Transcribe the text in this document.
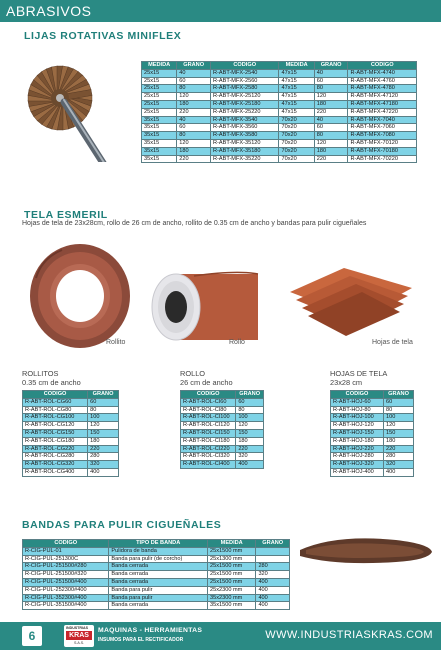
ABRASIVOS
LIJAS ROTATIVAS MINIFLEX
MEDIDA	GRANO	CODIGO	MEDIDA	GRANO	CODIGO
25x15	40	R-ABT-MFX-2540	47x15	40	R-ABT-MFX-4740
25x15	60	R-ABT-MFX-2560	47x15	60	R-ABT-MFX-4760
25x15	80	R-ABT-MFX-2580	47x15	80	R-ABT-MFX-4780
25x15	120	R-ABT-MFX-25120	47x15	120	R-ABT-MFX-47120
25x15	180	R-ABT-MFX-25180	47x15	180	R-ABT-MFX-47180
25x15	220	R-ABT-MFX-25220	47x15	220	R-ABT-MFX-47220
35x15	40	R-ABT-MFX-3540	70x20	40	R-ABT-MFX-7040
35x15	60	R-ABT-MFX-3560	70x20	60	R-ABT-MFX-7060
35x15	80	R-ABT-MFX-3580	70x20	80	R-ABT-MFX-7080
35x15	120	R-ABT-MFX-35120	70x20	120	R-ABT-MFX-70120
35x15	180	R-ABT-MFX-35180	70x20	180	R-ABT-MFX-70180
35x15	220	R-ABT-MFX-35220	70x20	220	R-ABT-MFX-70220
TELA ESMERIL
Hojas de tela de 23x28cm, rollo de 26 cm de ancho, rollito de 0.35 cm de ancho y bandas para pulir cigueñales
Rollito	Rollo	Hojas de tela
ROLLITOS
0.35 cm de ancho
CODIGO	GRANO
R-ABT-ROL-CG60	60
R-ABT-ROL-CG80	80
R-ABT-ROL-CG100	100
R-ABT-ROL-CG120	120
R-ABT-ROL-CG150	150
R-ABT-ROL-CG180	180
R-ABT-ROL-CG220	220
R-ABT-ROL-CG280	280
R-ABT-ROL-CG320	320
R-ABT-ROL-CG400	400
ROLLO
26 cm de ancho
CODIGO	GRANO
R-ABT-ROL-CI60	60
R-ABT-ROL-CI80	80
R-ABT-ROL-CI100	100
R-ABT-ROL-CI120	120
R-ABT-ROL-CI150	150
R-ABT-ROL-CI180	180
R-ABT-ROL-CI220	220
R-ABT-ROL-CI320	320
R-ABT-ROL-CI400	400
HOJAS DE TELA
23x28 cm
CODIGO	GRANO
R-ABT-HOJ-60	60
R-ABT-HOJ-80	80
R-ABT-HOJ-100	100
R-ABT-HOJ-120	120
R-ABT-HOJ-150	150
R-ABT-HOJ-180	180
R-ABT-HOJ-220	220
R-ABT-HOJ-280	280
R-ABT-HOJ-320	320
R-ABT-HOJ-400	400
BANDAS PARA PULIR CIGUEÑALES
CODIGO	TIPO DE BANDA	MEDIDA	GRANO
R-CIG-PUL-01	Pulidora de banda	25x1500 mm	
R-CIG-PUL-251300C	Banda para pulir (de corcho)	25x1300 mm	
R-CIG-PUL-251500#280	Banda cerrada	25x1500 mm	280
R-CIG-PUL-251500#320	Banda cerrada	25x1500 mm	320
R-CIG-PUL-251500#400	Banda cerrada	25x1500 mm	400
R-CIG-PUL-252300#400	Banda para pulir	25x2300 mm	400
R-CIG-PUL-352300#400	Banda para pulir	35x2300 mm	400
R-CIG-PUL-351500#400	Banda cerrada	35x1500 mm	400
6
INDUSTRIAS
KRAS
S.A.S.
MAQUINAS - HERRAMIENTAS
INSUMOS PARA EL RECTIFICADOR	WWW.INDUSTRIASKRAS.COM
